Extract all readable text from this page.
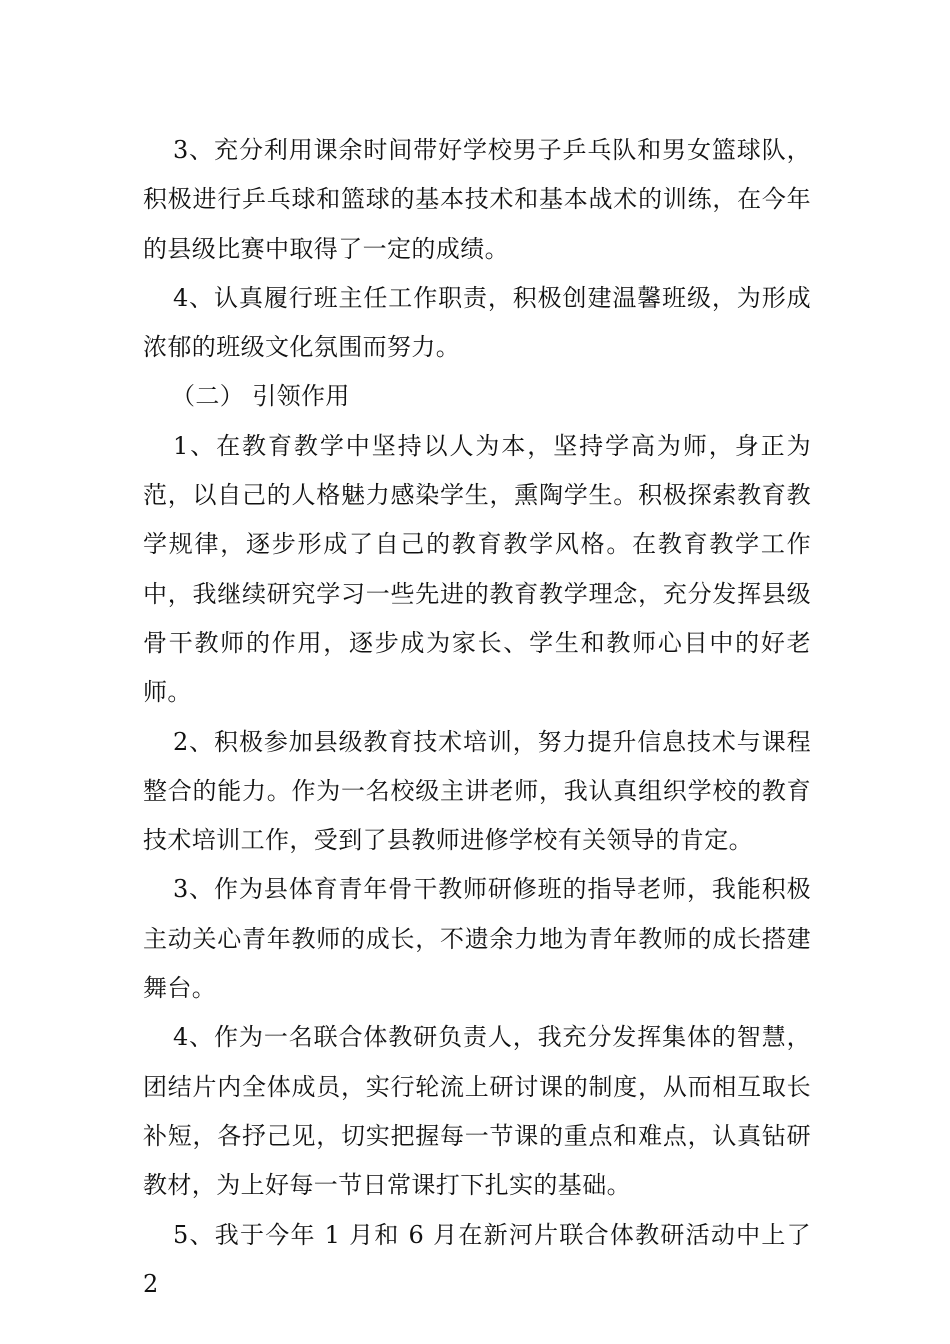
3、充分利用课余时间带好学校男子乒乓队和男女篮球队，积极进行乒乓球和篮球的基本技术和基本战术的训练，在今年的县级比赛中取得了一定的成绩。

4、认真履行班主任工作职责，积极创建温馨班级，为形成浓郁的班级文化氛围而努力。

（二） 引领作用

1、在教育教学中坚持以人为本，坚持学高为师，身正为范，以自己的人格魅力感染学生，熏陶学生。积极探索教育教学规律，逐步形成了自己的教育教学风格。在教育教学工作中，我继续研究学习一些先进的教育教学理念，充分发挥县级骨干教师的作用，逐步成为家长、学生和教师心目中的好老师。

2、积极参加县级教育技术培训，努力提升信息技术与课程整合的能力。作为一名校级主讲老师，我认真组织学校的教育技术培训工作，受到了县教师进修学校有关领导的肯定。

3、作为县体育青年骨干教师研修班的指导老师，我能积极主动关心青年教师的成长，不遗余力地为青年教师的成长搭建舞台。

4、作为一名联合体教研负责人，我充分发挥集体的智慧，团结片内全体成员，实行轮流上研讨课的制度，从而相互取长补短，各抒己见，切实把握每一节课的重点和难点，认真钻研教材，为上好每一节日常课打下扎实的基础。

5、我于今年 1 月和 6 月在新河片联合体教研活动中上了 2
